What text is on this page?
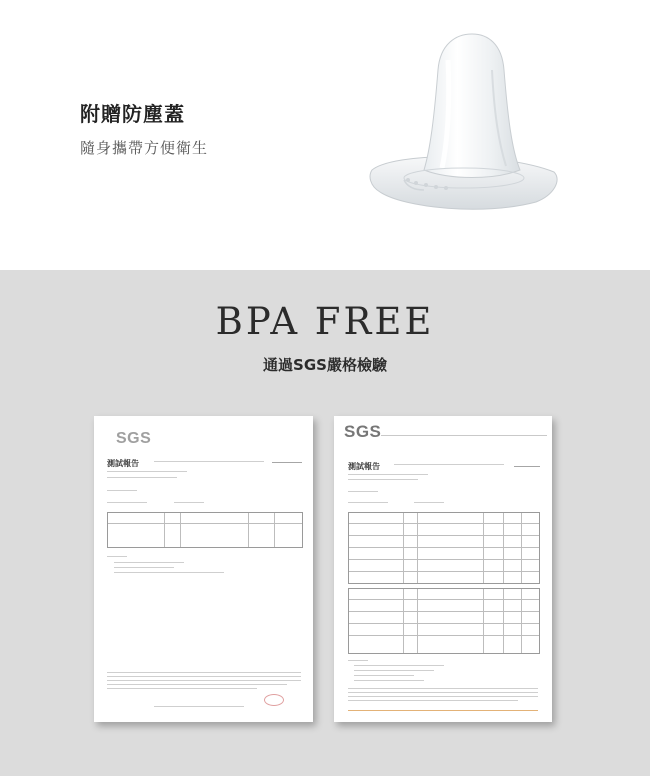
附贈防塵蓋

隨身攜帶方便衛生

BPA FREE
通過SGS嚴格檢驗
SGS
測試報告
SGS
測試報告
